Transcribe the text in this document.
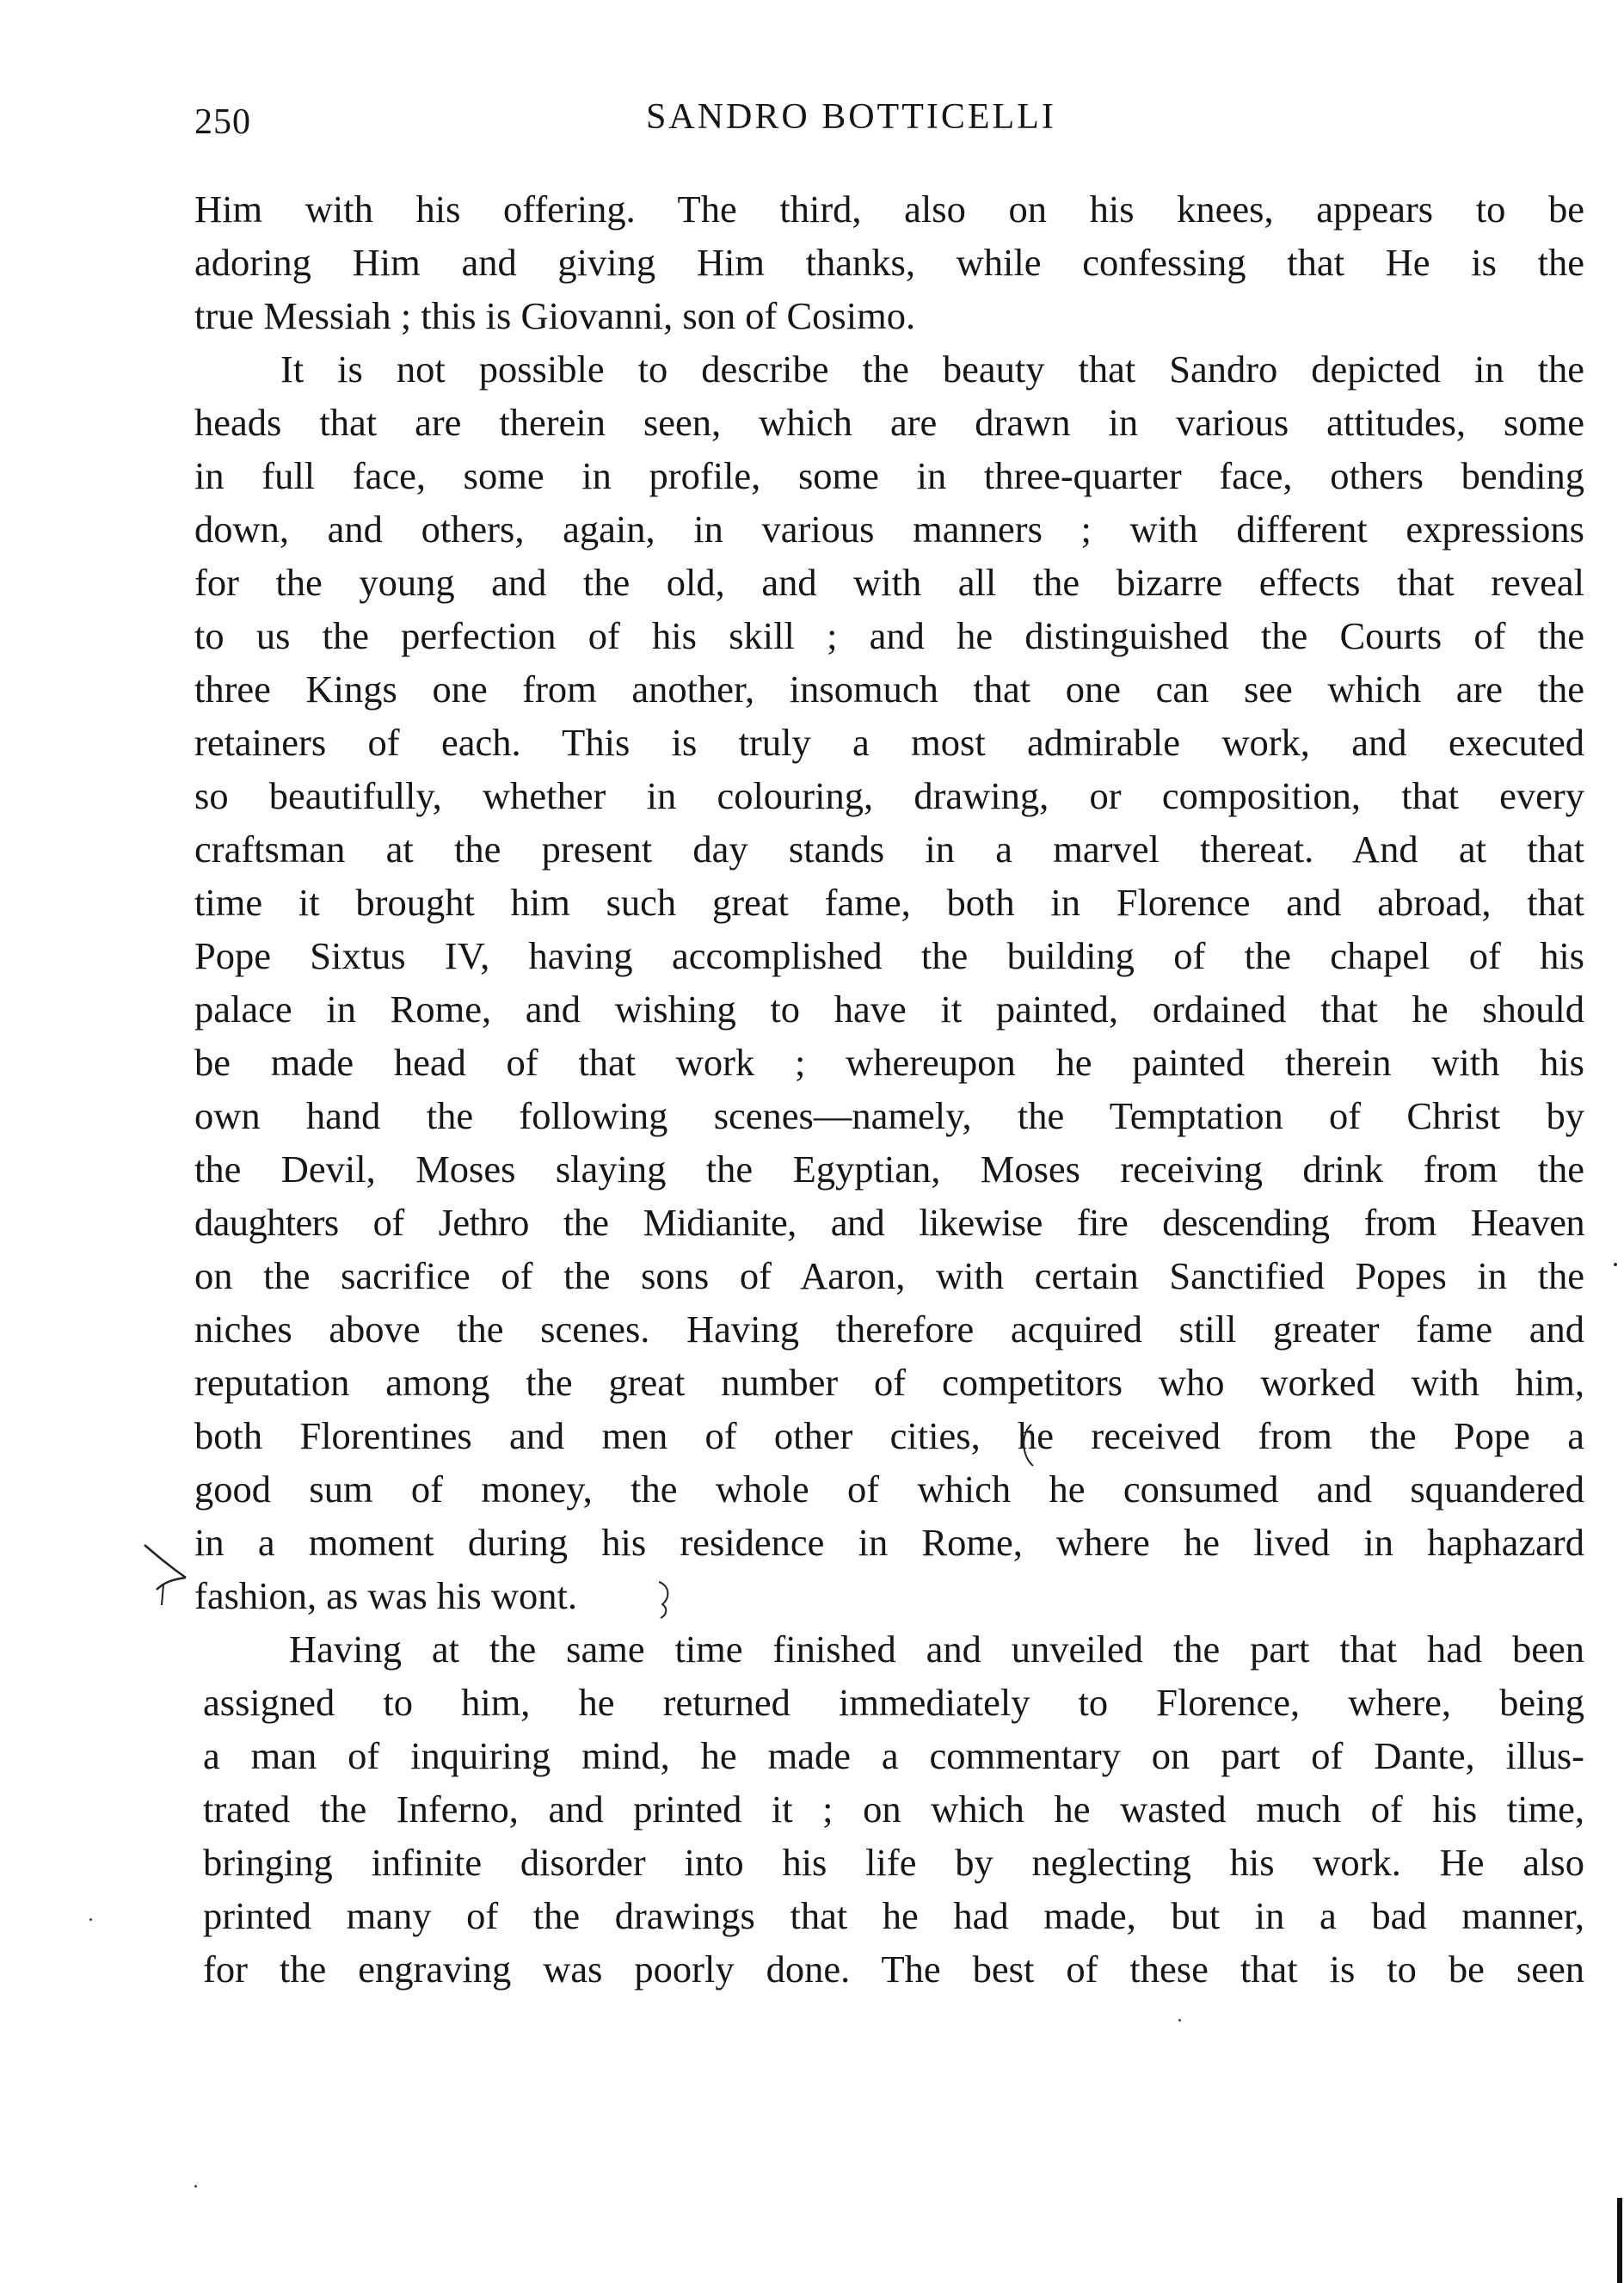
250	SANDRO BOTTICELLI
Him with his offering. The third, also on his knees, appears to be
adoring Him and giving Him thanks, while confessing that He is the
true Messiah ; this is Giovanni, son of Cosimo.
It is not possible to describe the beauty that Sandro depicted in the
heads that are therein seen, which are drawn in various attitudes, some
in full face, some in profile, some in three-quarter face, others bending
down, and others, again, in various manners ; with different expressions
for the young and the old, and with all the bizarre effects that reveal
to us the perfection of his skill ; and he distinguished the Courts of the
three Kings one from another, insomuch that one can see which are the
retainers of each. This is truly a most admirable work, and executed
so beautifully, whether in colouring, drawing, or composition, that every
craftsman at the present day stands in a marvel thereat. And at that
time it brought him such great fame, both in Florence and abroad, that
Pope Sixtus IV, having accomplished the building of the chapel of his
palace in Rome, and wishing to have it painted, ordained that he should
be made head of that work ; whereupon he painted therein with his
own hand the following scenes—namely, the Temptation of Christ by
the Devil, Moses slaying the Egyptian, Moses receiving drink from the
daughters of Jethro the Midianite, and likewise fire descending from Heaven
on the sacrifice of the sons of Aaron, with certain Sanctified Popes in the
niches above the scenes. Having therefore acquired still greater fame and
reputation among the great number of competitors who worked with him,
both Florentines and men of other cities, he received from the Pope a
good sum of money, the whole of which he consumed and squandered
in a moment during his residence in Rome, where he lived in haphazard
fashion, as was his wont.
Having at the same time finished and unveiled the part that had been
assigned to him, he returned immediately to Florence, where, being
a man of inquiring mind, he made a commentary on part of Dante, illus-
trated the Inferno, and printed it ; on which he wasted much of his time,
bringing infinite disorder into his life by neglecting his work. He also
printed many of the drawings that he had made, but in a bad manner,
for the engraving was poorly done. The best of these that is to be seen
